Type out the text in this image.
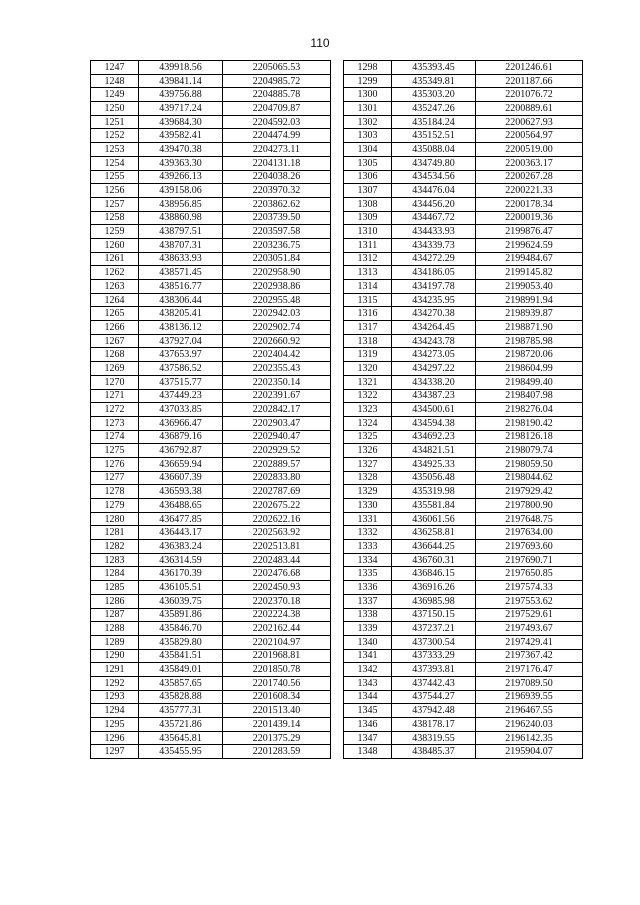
110
1247	439918.56	2205065.53
1248	439841.14	2204985.72
1249	439756.88	2204885.78
1250	439717.24	2204709.87
1251	439684.30	2204592.03
1252	439582.41	2204474.99
1253	439470.38	2204273.11
1254	439363.30	2204131.18
1255	439266.13	2204038.26
1256	439158.06	2203970.32
1257	438956.85	2203862.62
1258	438860.98	2203739.50
1259	438797.51	2203597.58
1260	438707.31	2203236.75
1261	438633.93	2203051.84
1262	438571.45	2202958.90
1263	438516.77	2202938.86
1264	438306.44	2202955.48
1265	438205.41	2202942.03
1266	438136.12	2202902.74
1267	437927.04	2202660.92
1268	437653.97	2202404.42
1269	437586.52	2202355.43
1270	437515.77	2202350.14
1271	437449.23	2202391.67
1272	437033.85	2202842.17
1273	436966.47	2202903.47
1274	436879.16	2202940.47
1275	436792.87	2202929.52
1276	436659.94	2202889.57
1277	436607.39	2202833.80
1278	436593.38	2202787.69
1279	436488.65	2202675.22
1280	436477.85	2202622.16
1281	436443.17	2202563.92
1282	436383.24	2202513.81
1283	436314.59	2202483.44
1284	436170.39	2202476.68
1285	436105.51	2202450.93
1286	436039.75	2202370.18
1287	435891.86	2202224.38
1288	435846.70	2202162.44
1289	435829.80	2202104.97
1290	435841.51	2201968.81
1291	435849.01	2201850.78
1292	435857.65	2201740.56
1293	435828.88	2201608.34
1294	435777.31	2201513.40
1295	435721.86	2201439.14
1296	435645.81	2201375.29
1297	435455.95	2201283.59
1298	435393.45	2201246.61
1299	435349.81	2201187.66
1300	435303.20	2201076.72
1301	435247.26	2200889.61
1302	435184.24	2200627.93
1303	435152.51	2200564.97
1304	435088.04	2200519.00
1305	434749.80	2200363.17
1306	434534.56	2200267.28
1307	434476.04	2200221.33
1308	434456.20	2200178.34
1309	434467.72	2200019.36
1310	434433.93	2199876.47
1311	434339.73	2199624.59
1312	434272.29	2199484.67
1313	434186.05	2199145.82
1314	434197.78	2199053.40
1315	434235.95	2198991.94
1316	434270.38	2198939.87
1317	434264.45	2198871.90
1318	434243.78	2198785.98
1319	434273.05	2198720.06
1320	434297.22	2198604.99
1321	434338.20	2198499.40
1322	434387.23	2198407.98
1323	434500.61	2198276.04
1324	434594.38	2198190.42
1325	434692.23	2198126.18
1326	434821.51	2198079.74
1327	434925.33	2198059.50
1328	435056.48	2198044.62
1329	435319.98	2197929.42
1330	435581.84	2197800.90
1331	436061.56	2197648.75
1332	436258.81	2197634.00
1333	436644.25	2197693.60
1334	436760.31	2197690.71
1335	436846.15	2197650.85
1336	436916.26	2197574.33
1337	436985.98	2197553.62
1338	437150.15	2197529.61
1339	437237.21	2197493.67
1340	437300.54	2197429.41
1341	437333.29	2197367.42
1342	437393.81	2197176.47
1343	437442.43	2197089.50
1344	437544.27	2196939.55
1345	437942.48	2196467.55
1346	438178.17	2196240.03
1347	438319.55	2196142.35
1348	438485.37	2195904.07
